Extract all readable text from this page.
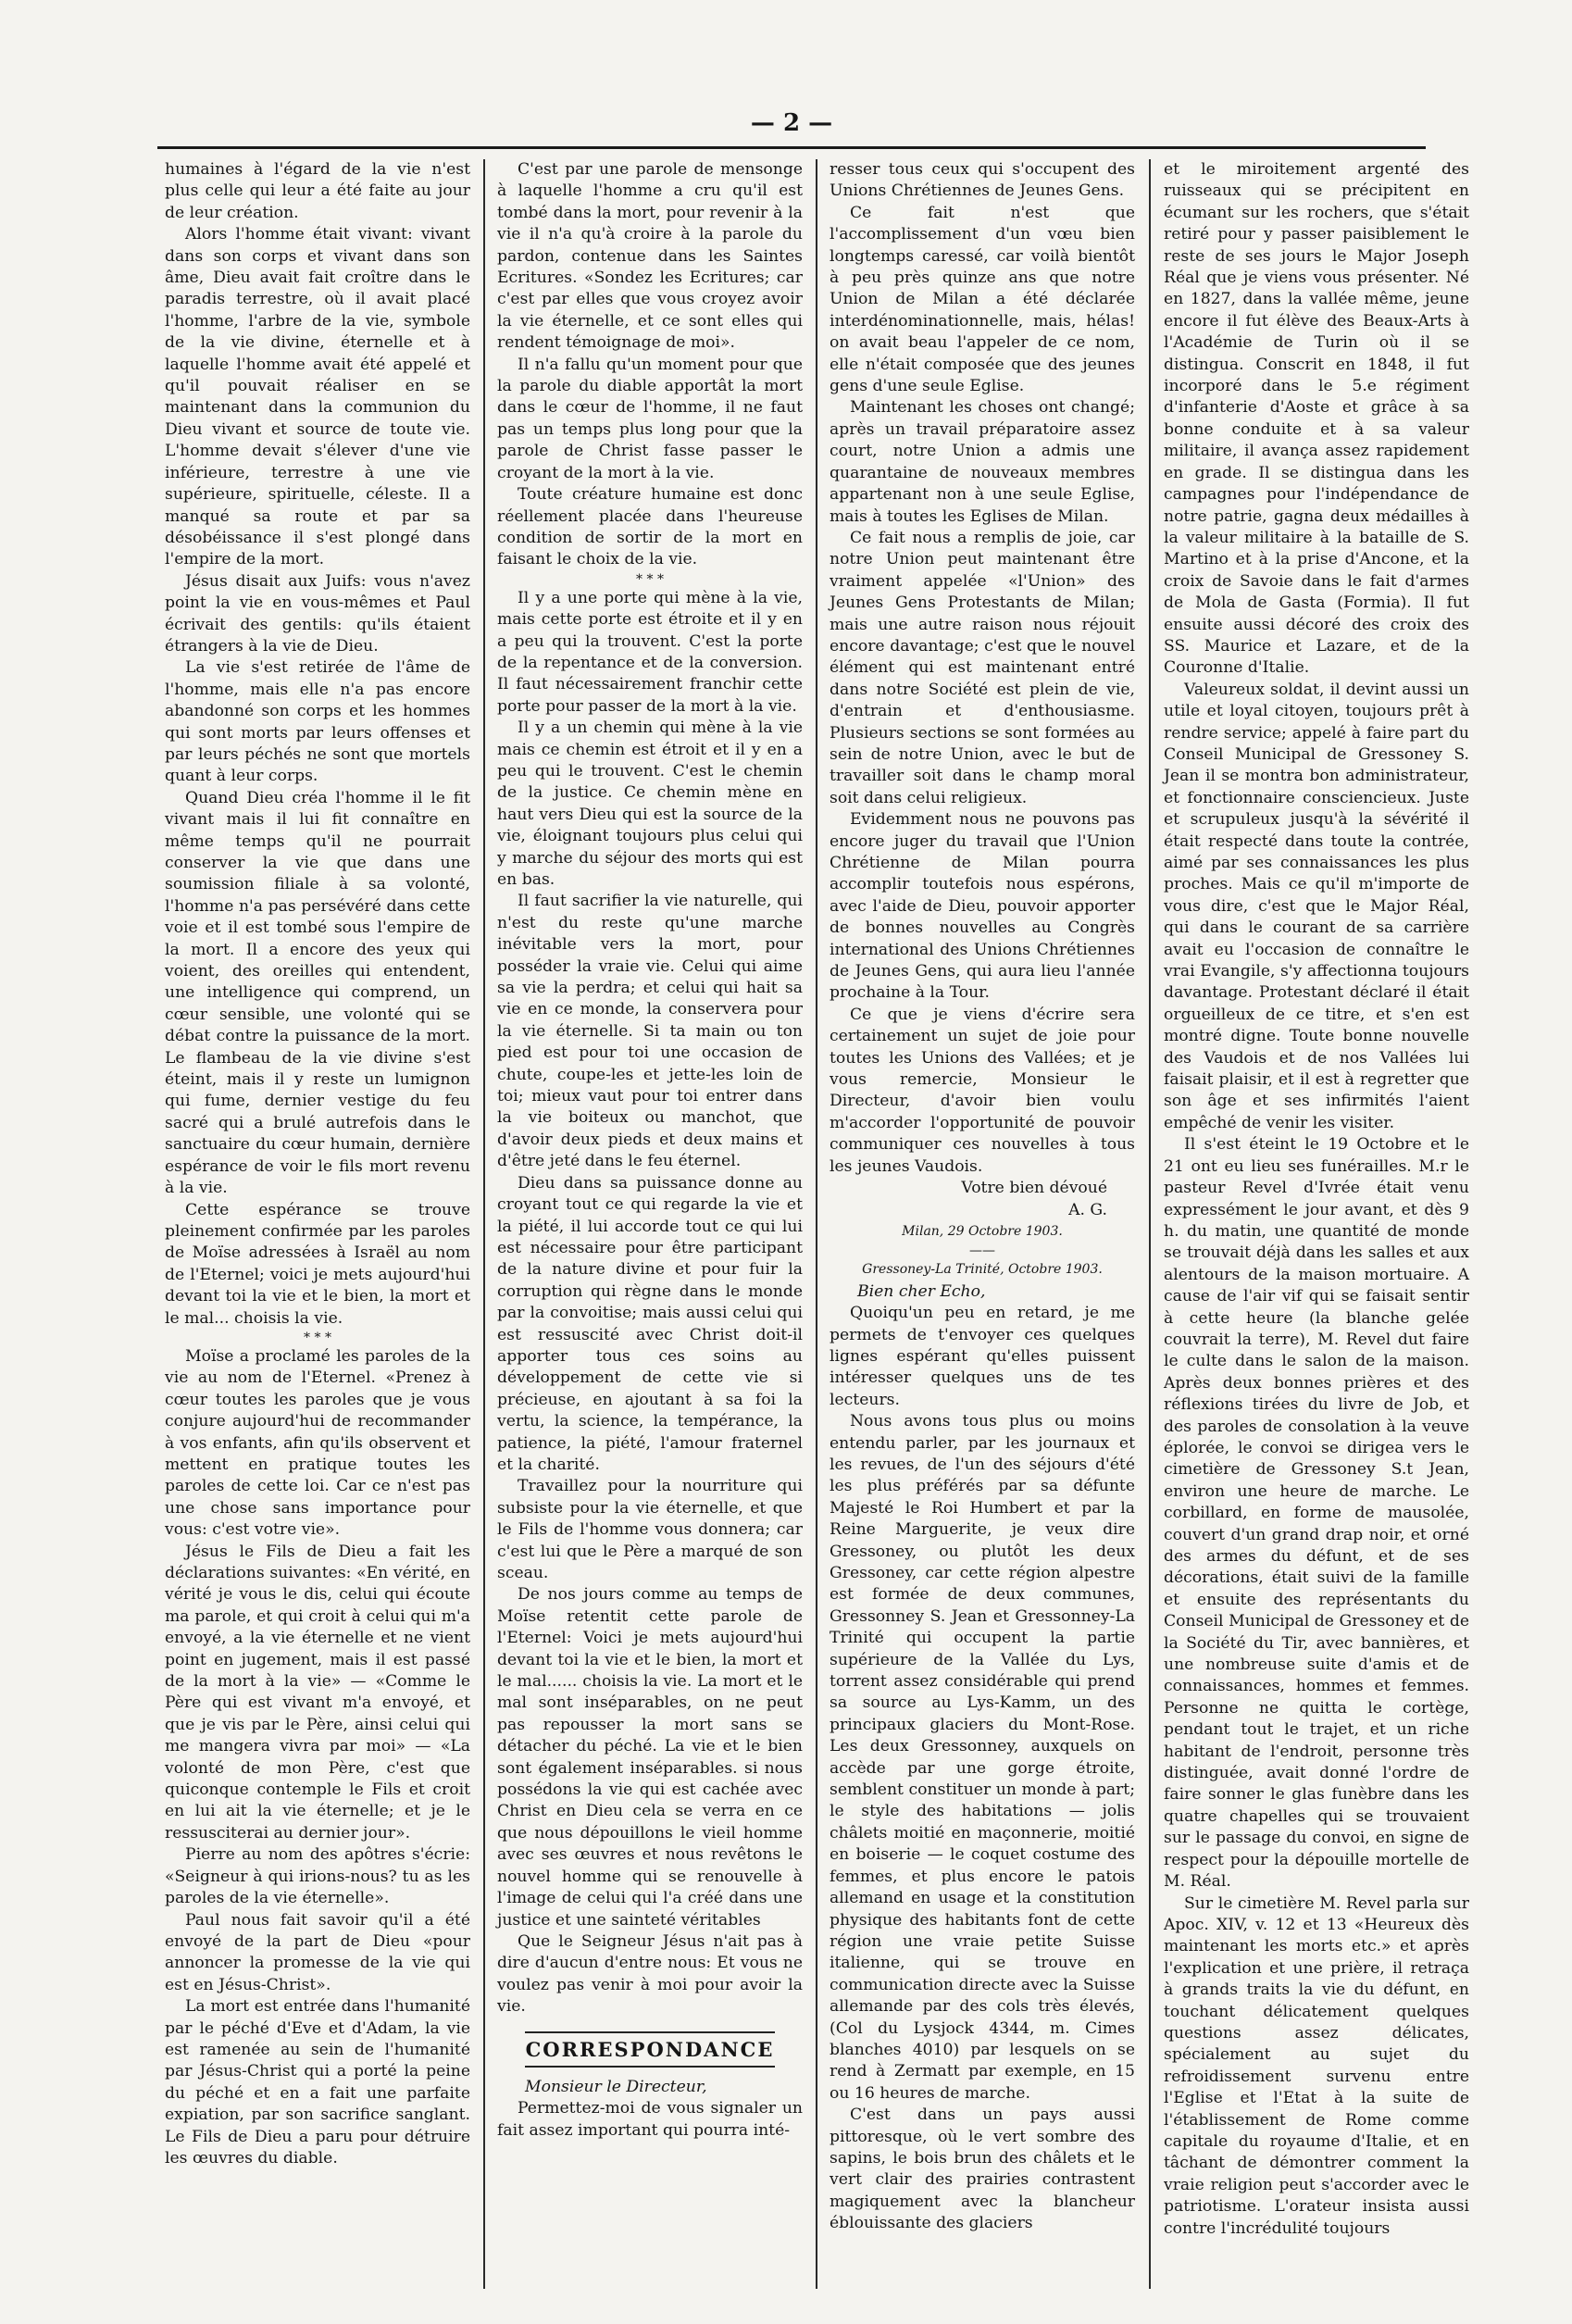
— 2 —

humaines à l'égard de la vie n'est plus celle qui leur a été faite au jour de leur création.

Alors l'homme était vivant: vivant dans son corps et vivant dans son âme, Dieu avait fait croître dans le paradis terrestre, où il avait placé l'homme, l'arbre de la vie, symbole de la vie divine, éternelle et à laquelle l'homme avait été appelé et qu'il pouvait réaliser en se maintenant dans la communion du Dieu vivant et source de toute vie. L'homme devait s'élever d'une vie inférieure, terrestre à une vie supérieure, spirituelle, céleste. Il a manqué sa route et par sa désobéissance il s'est plongé dans l'empire de la mort.

Jésus disait aux Juifs: vous n'avez point la vie en vous-mêmes et Paul écrivait des gentils: qu'ils étaient étrangers à la vie de Dieu.

La vie s'est retirée de l'âme de l'homme, mais elle n'a pas encore abandonné son corps et les hommes qui sont morts par leurs offenses et par leurs péchés ne sont que mortels quant à leur corps.

Quand Dieu créa l'homme il le fit vivant mais il lui fit connaître en même temps qu'il ne pourrait conserver la vie que dans une soumission filiale à sa volonté, l'homme n'a pas persévéré dans cette voie et il est tombé sous l'empire de la mort. Il a encore des yeux qui voient, des oreilles qui entendent, une intelligence qui comprend, un cœur sensible, une volonté qui se débat contre la puissance de la mort. Le flambeau de la vie divine s'est éteint, mais il y reste un lumignon qui fume, dernier vestige du feu sacré qui a brulé autrefois dans le sanctuaire du cœur humain, dernière espérance de voir le fils mort revenu à la vie.

Cette espérance se trouve pleinement confirmée par les paroles de Moïse adressées à Israël au nom de l'Eternel; voici je mets aujourd'hui devant toi la vie et le bien, la mort et le mal... choisis la vie.

* * *

Moïse a proclamé les paroles de la vie au nom de l'Eternel. «Prenez à cœur toutes les paroles que je vous conjure aujourd'hui de recommander à vos enfants, afin qu'ils observent et mettent en pratique toutes les paroles de cette loi. Car ce n'est pas une chose sans importance pour vous: c'est votre vie».

Jésus le Fils de Dieu a fait les déclarations suivantes: «En vérité, en vérité je vous le dis, celui qui écoute ma parole, et qui croit à celui qui m'a envoyé, a la vie éternelle et ne vient point en jugement, mais il est passé de la mort à la vie» — «Comme le Père qui est vivant m'a envoyé, et que je vis par le Père, ainsi celui qui me mangera vivra par moi» — «La volonté de mon Père, c'est que quiconque contemple le Fils et croit en lui ait la vie éternelle; et je le ressusciterai au dernier jour».

Pierre au nom des apôtres s'écrie: «Seigneur à qui irions-nous? tu as les paroles de la vie éternelle».

Paul nous fait savoir qu'il a été envoyé de la part de Dieu «pour annoncer la promesse de la vie qui est en Jésus-Christ».

La mort est entrée dans l'humanité par le péché d'Eve et d'Adam, la vie est ramenée au sein de l'humanité par Jésus-Christ qui a porté la peine du péché et en a fait une parfaite expiation, par son sacrifice sanglant. Le Fils de Dieu a paru pour détruire les œuvres du diable.

C'est par une parole de mensonge à laquelle l'homme a cru qu'il est tombé dans la mort, pour revenir à la vie il n'a qu'à croire à la parole du pardon, contenue dans les Saintes Ecritures. «Sondez les Ecritures; car c'est par elles que vous croyez avoir la vie éternelle, et ce sont elles qui rendent témoignage de moi».

Il n'a fallu qu'un moment pour que la parole du diable apportât la mort dans le cœur de l'homme, il ne faut pas un temps plus long pour que la parole de Christ fasse passer le croyant de la mort à la vie.

Toute créature humaine est donc réellement placée dans l'heureuse condition de sortir de la mort en faisant le choix de la vie.

* * *

Il y a une porte qui mène à la vie, mais cette porte est étroite et il y en a peu qui la trouvent. C'est la porte de la repentance et de la conversion. Il faut nécessairement franchir cette porte pour passer de la mort à la vie.

Il y a un chemin qui mène à la vie mais ce chemin est étroit et il y en a peu qui le trouvent. C'est le chemin de la justice. Ce chemin mène en haut vers Dieu qui est la source de la vie, éloignant toujours plus celui qui y marche du séjour des morts qui est en bas.

Il faut sacrifier la vie naturelle, qui n'est du reste qu'une marche inévitable vers la mort, pour posséder la vraie vie. Celui qui aime sa vie la perdra; et celui qui hait sa vie en ce monde, la conservera pour la vie éternelle. Si ta main ou ton pied est pour toi une occasion de chute, coupe-les et jette-les loin de toi; mieux vaut pour toi entrer dans la vie boiteux ou manchot, que d'avoir deux pieds et deux mains et d'être jeté dans le feu éternel.

Dieu dans sa puissance donne au croyant tout ce qui regarde la vie et la piété, il lui accorde tout ce qui lui est nécessaire pour être participant de la nature divine et pour fuir la corruption qui règne dans le monde par la convoitise; mais aussi celui qui est ressuscité avec Christ doit-il apporter tous ces soins au développement de cette vie si précieuse, en ajoutant à sa foi la vertu, la science, la tempérance, la patience, la piété, l'amour fraternel et la charité.

Travaillez pour la nourriture qui subsiste pour la vie éternelle, et que le Fils de l'homme vous donnera; car c'est lui que le Père a marqué de son sceau.

De nos jours comme au temps de Moïse retentit cette parole de l'Eternel: Voici je mets aujourd'hui devant toi la vie et le bien, la mort et le mal...... choisis la vie. La mort et le mal sont inséparables, on ne peut pas repousser la mort sans se détacher du péché. La vie et le bien sont également inséparables. si nous possédons la vie qui est cachée avec Christ en Dieu cela se verra en ce que nous dépouillons le vieil homme avec ses œuvres et nous revêtons le nouvel homme qui se renouvelle à l'image de celui qui l'a créé dans une justice et une sainteté véritables

Que le Seigneur Jésus n'ait pas à dire d'aucun d'entre nous: Et vous ne voulez pas venir à moi pour avoir la vie.

CORRESPONDANCE

Monsieur le Directeur,

Permettez-moi de vous signaler un fait assez important qui pourra inté-

resser tous ceux qui s'occupent des Unions Chrétiennes de Jeunes Gens.

Ce fait n'est que l'accomplissement d'un vœu bien longtemps caressé, car voilà bientôt à peu près quinze ans que notre Union de Milan a été déclarée interdénominationnelle, mais, hélas! on avait beau l'appeler de ce nom, elle n'était composée que des jeunes gens d'une seule Eglise.

Maintenant les choses ont changé; après un travail préparatoire assez court, notre Union a admis une quarantaine de nouveaux membres appartenant non à une seule Eglise, mais à toutes les Eglises de Milan.

Ce fait nous a remplis de joie, car notre Union peut maintenant être vraiment appelée «l'Union» des Jeunes Gens Protestants de Milan; mais une autre raison nous réjouit encore davantage; c'est que le nouvel élément qui est maintenant entré dans notre Société est plein de vie, d'entrain et d'enthousiasme. Plusieurs sections se sont formées au sein de notre Union, avec le but de travailler soit dans le champ moral soit dans celui religieux.

Evidemment nous ne pouvons pas encore juger du travail que l'Union Chrétienne de Milan pourra accomplir toutefois nous espérons, avec l'aide de Dieu, pouvoir apporter de bonnes nouvelles au Congrès international des Unions Chrétiennes de Jeunes Gens, qui aura lieu l'année prochaine à la Tour.

Ce que je viens d'écrire sera certainement un sujet de joie pour toutes les Unions des Vallées; et je vous remercie, Monsieur le Directeur, d'avoir bien voulu m'accorder l'opportunité de pouvoir communiquer ces nouvelles à tous les jeunes Vaudois.

Votre bien dévoué

A. G.

Milan, 29 Octobre 1903.

——

Gressoney-La Trinité, Octobre 1903.

Bien cher Echo,

Quoiqu'un peu en retard, je me permets de t'envoyer ces quelques lignes espérant qu'elles puissent intéresser quelques uns de tes lecteurs.

Nous avons tous plus ou moins entendu parler, par les journaux et les revues, de l'un des séjours d'été les plus préférés par sa défunte Majesté le Roi Humbert et par la Reine Marguerite, je veux dire Gressoney, ou plutôt les deux Gressoney, car cette région alpestre est formée de deux communes, Gressonney S. Jean et Gressonney-La Trinité qui occupent la partie supérieure de la Vallée du Lys, torrent assez considérable qui prend sa source au Lys-Kamm, un des principaux glaciers du Mont-Rose. Les deux Gressonney, auxquels on accède par une gorge étroite, semblent constituer un monde à part; le style des habitations — jolis châlets moitié en maçonnerie, moitié en boiserie — le coquet costume des femmes, et plus encore le patois allemand en usage et la constitution physique des habitants font de cette région une vraie petite Suisse italienne, qui se trouve en communication directe avec la Suisse allemande par des cols très élevés, (Col du Lysjock 4344, m. Cimes blanches 4010) par lesquels on se rend à Zermatt par exemple, en 15 ou 16 heures de marche.

C'est dans un pays aussi pittoresque, où le vert sombre des sapins, le bois brun des châlets et le vert clair des prairies contrastent magiquement avec la blancheur éblouissante des glaciers

et le miroitement argenté des ruisseaux qui se précipitent en écumant sur les rochers, que s'était retiré pour y passer paisiblement le reste de ses jours le Major Joseph Réal que je viens vous présenter. Né en 1827, dans la vallée même, jeune encore il fut élève des Beaux-Arts à l'Académie de Turin où il se distingua. Conscrit en 1848, il fut incorporé dans le 5.e régiment d'infanterie d'Aoste et grâce à sa bonne conduite et à sa valeur militaire, il avança assez rapidement en grade. Il se distingua dans les campagnes pour l'indépendance de notre patrie, gagna deux médailles à la valeur militaire à la bataille de S. Martino et à la prise d'Ancone, et la croix de Savoie dans le fait d'armes de Mola de Gasta (Formia). Il fut ensuite aussi décoré des croix des SS. Maurice et Lazare, et de la Couronne d'Italie.

Valeureux soldat, il devint aussi un utile et loyal citoyen, toujours prêt à rendre service; appelé à faire part du Conseil Municipal de Gressoney S. Jean il se montra bon administrateur, et fonctionnaire consciencieux. Juste et scrupuleux jusqu'à la sévérité il était respecté dans toute la contrée, aimé par ses connaissances les plus proches. Mais ce qu'il m'importe de vous dire, c'est que le Major Réal, qui dans le courant de sa carrière avait eu l'occasion de connaître le vrai Evangile, s'y affectionna toujours davantage. Protestant déclaré il était orgueilleux de ce titre, et s'en est montré digne. Toute bonne nouvelle des Vaudois et de nos Vallées lui faisait plaisir, et il est à regretter que son âge et ses infirmités l'aient empêché de venir les visiter.

Il s'est éteint le 19 Octobre et le 21 ont eu lieu ses funérailles. M.r le pasteur Revel d'Ivrée était venu expressément le jour avant, et dès 9 h. du matin, une quantité de monde se trouvait déjà dans les salles et aux alentours de la maison mortuaire. A cause de l'air vif qui se faisait sentir à cette heure (la blanche gelée couvrait la terre), M. Revel dut faire le culte dans le salon de la maison. Après deux bonnes prières et des réflexions tirées du livre de Job, et des paroles de consolation à la veuve éplorée, le convoi se dirigea vers le cimetière de Gressoney S.t Jean, environ une heure de marche. Le corbillard, en forme de mausolée, couvert d'un grand drap noir, et orné des armes du défunt, et de ses décorations, était suivi de la famille et ensuite des représentants du Conseil Municipal de Gressoney et de la Société du Tir, avec bannières, et une nombreuse suite d'amis et de connaissances, hommes et femmes. Personne ne quitta le cortège, pendant tout le trajet, et un riche habitant de l'endroit, personne très distinguée, avait donné l'ordre de faire sonner le glas funèbre dans les quatre chapelles qui se trouvaient sur le passage du convoi, en signe de respect pour la dépouille mortelle de M. Réal.

Sur le cimetière M. Revel parla sur Apoc. XIV, v. 12 et 13 «Heureux dès maintenant les morts etc.» et après l'explication et une prière, il retraça à grands traits la vie du défunt, en touchant délicatement quelques questions assez délicates, spécialement au sujet du refroidissement survenu entre l'Eglise et l'Etat à la suite de l'établissement de Rome comme capitale du royaume d'Italie, et en tâchant de démontrer comment la vraie religion peut s'accorder avec le patriotisme. L'orateur insista aussi contre l'incrédulité toujours
